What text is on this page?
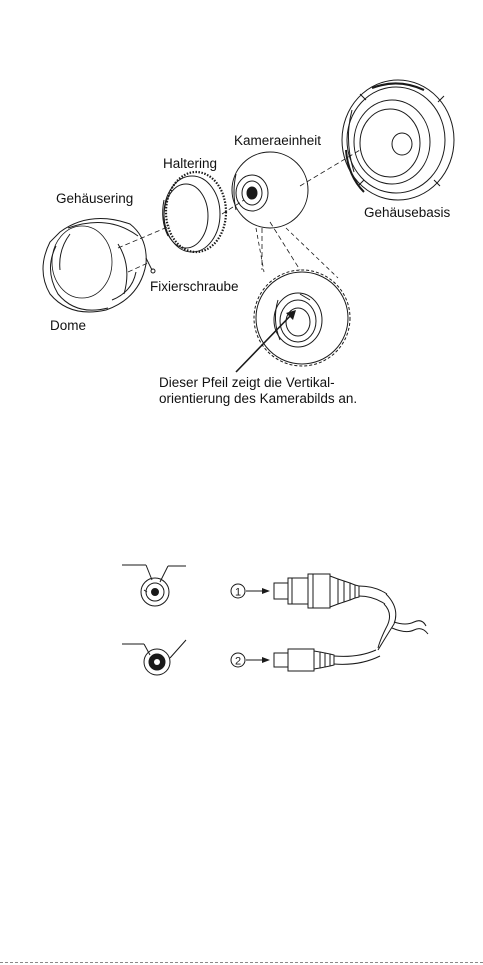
Kameraeinheit
Haltering
Gehäusering
Gehäusebasis
Fixierschraube
Dome
Dieser Pfeil zeigt die Vertikal-
orientierung des Kamerabilds an.
1
2
